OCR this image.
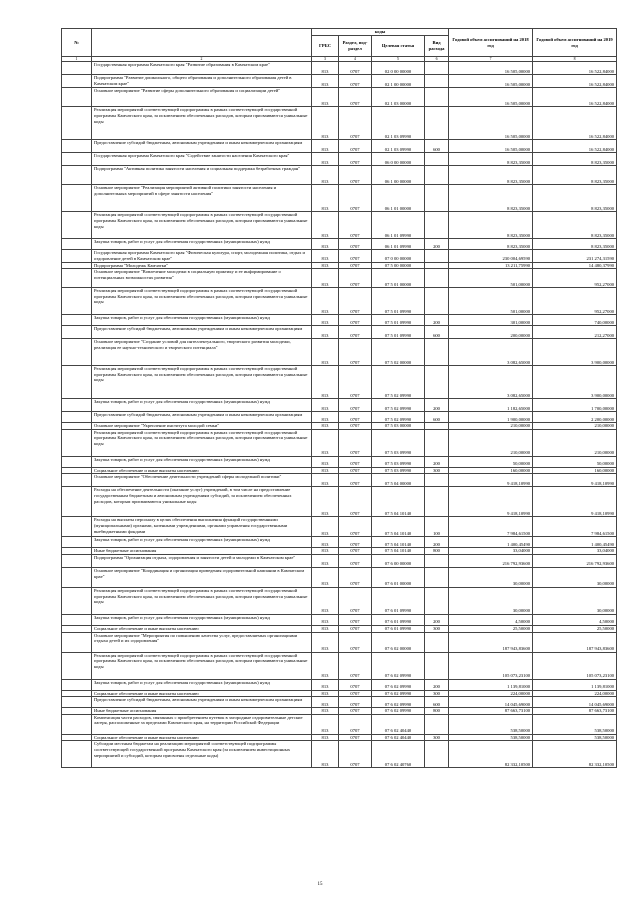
№		коды				Годовой объем ассигнований на 2018 год	Годовой объем ассигнований на 2019 год
		ГРБС	Раздел, под-раздел	Целевая статья	Вид расхода		
1	2	3	4	5	6	7	8
	Государственная программа Камчатского края "Развитие образования в Камчатском крае"	813	0707	02 0 00 00000		16 505,00000	16 522,84000
	Подпрограмма "Развитие дошкольного, общего образования и дополнительного образования детей в Камчатском крае"	813	0707	02 1 00 00000		16 505,00000	16 522,84000
	Основное мероприятие "Развитие сферы дополнительного образования и социализации детей"	813	0707	02 1 03 00000		16 505,00000	16 522,84000
	Реализация мероприятий соответствующей подпрограммы в рамках соответствующей государственной программы Камчатского края, за исключением обеспеченных расходов, которым присваиваются уникальные коды	813	0707	02 1 03 09990		16 505,00000	16 522,84000
	Предоставление субсидий бюджетным, автономным учреждениям и иным некоммерческим организациям	813	0707	02 1 03 09990	600	16 505,00000	16 522,84000
	Государственная программа Камчатского края "Содействие занятости населения Камчатского края"	813	0707	06 0 00 00000		8 823,35000	8 823,35000
	Подпрограмма "Активная политика занятости населения и социальная поддержка безработных граждан"	813	0707	06 1 00 00000		8 823,35000	8 823,35000
	Основное мероприятие "Реализация мероприятий активной политики занятости населения и дополнительных мероприятий в сфере занятости населения"	813	0707	06 1 01 00000		8 823,35000	8 823,35000
	Реализация мероприятий соответствующей подпрограммы в рамках соответствующей государственной программы Камчатского края, за исключением обеспеченных расходов, которым присваиваются уникальные коды	813	0707	06 1 01 09990		8 823,35000	8 823,35000
	Закупка товаров, работ и услуг для обеспечения государственных (муниципальных) нужд	813	0707	06 1 01 09990	200	8 823,35000	8 823,35000
	Государственная программа Камчатского края "Физическая культура, спорт, молодежная политика, отдых и оздоровление детей в Камчатском крае"	813	0707	07 0 00 00000		230 004,69590	231 274,31590
	Подпрограмма "Молодежь Камчатки"	813	0707	07 5 00 00000		13 211,75990	14 480,37990
	Основное мероприятие "Вовлечение молодежи в социальную практику и ее информирование о потенциальных возможностях развития"	813	0707	07 5 01 00000		501,00000	952,27000
	Реализация мероприятий соответствующей подпрограммы в рамках соответствующей государственной программы Камчатского края, за исключением обеспеченных расходов, которым присваиваются уникальные коды	813	0707	07 5 01 09990		501,00000	952,27000
	Закупка товаров, работ и услуг для обеспечения государственных (муниципальных) нужд	813	0707	07 5 01 09990	200	301,00000	740,00000
	Предоставление субсидий бюджетным, автономным учреждениям и иным некоммерческим организациям	813	0707	07 5 01 09990	600	200,00000	212,27000
	Основное мероприятие "Создание условий для интеллектуального, творческого развития молодежи, реализация ее научно-технического и творческого потенциала"	813	0707	07 5 02 00000		3 082,65000	3 900,00000
	Реализация мероприятий соответствующей подпрограммы в рамках соответствующей государственной программы Камчатского края, за исключением обеспеченных расходов, которым присваиваются уникальные коды	813	0707	07 5 02 09990		3 082,65000	3 900,00000
	Закупка товаров, работ и услуг для обеспечения государственных (муниципальных) нужд	813	0707	07 5 02 09990	200	1 182,65000	1 700,00000
	Предоставление субсидий бюджетным, автономным учреждениям и иным некоммерческим организациям	813	0707	07 5 02 09990	600	1 900,00000	2 200,00000
	Основное мероприятие "Укрепление института молодой семьи"	813	0707	07 5 03 00000		210,00000	210,00000
	Реализация мероприятий соответствующей подпрограммы в рамках соответствующей государственной программы Камчатского края, за исключением обеспеченных расходов, которым присваиваются уникальные коды	813	0707	07 5 03 09990		210,00000	210,00000
	Закупка товаров, работ и услуг для обеспечения государственных (муниципальных) нужд	813	0707	07 5 03 09990	200	50,00000	50,00000
	Социальное обеспечение и иные выплаты населению	813	0707	07 5 03 09990	300	160,00000	160,00000
	Основное мероприятие "Обеспечение деятельности учреждений сферы молодежной политики"	813	0707	07 5 04 00000		9 418,10990	9 418,10990
	Расходы на обеспечение деятельности (оказание услуг) учреждений, в том числе на предоставление государственным бюджетным и автономным учреждениям субсидий, за исключением обеспеченных расходов, которым присваиваются уникальные коды	813	0707	07 5 04 10140		9 418,10990	9 418,10990
	Расходы на выплаты персоналу в целях обеспечения выполнения функций государственными (муниципальными) органами, казенными учреждениями, органами управления государственными внебюджетными фондами	813	0707	07 5 04 10140	100	7 984,61500	7 984,61500
	Закупка товаров, работ и услуг для обеспечения государственных (муниципальных) нужд	813	0707	07 5 04 10140	200	1 400,45490	1 400,45490
	Иные бюджетные ассигнования	813	0707	07 5 04 10140	800	33,04000	33,04000
	Подпрограмма "Организация отдыха, оздоровления и занятости детей и молодежи в Камчатском крае"	813	0707	07 6 00 00000		216 792,93600	216 792,93600
	Основное мероприятие "Координация и организация проведения оздоровительной кампании в Камчатском крае"	813	0707	07 6 01 00000		30,00000	30,00000
	Реализация мероприятий соответствующей подпрограммы в рамках соответствующей государственной программы Камчатского края, за исключением обеспеченных расходов, которым присваиваются уникальные коды	813	0707	07 6 01 09990		30,00000	30,00000
	Закупка товаров, работ и услуг для обеспечения государственных (муниципальных) нужд	813	0707	07 6 01 09990	200	4,50000	4,50000
	Социальное обеспечение и иные выплаты населению	813	0707	07 6 01 09990	300	25,50000	25,50000
	Основное мероприятие "Мероприятия по повышению качества услуг, предоставляемых организациями отдыха детей и их оздоровления"	813	0707	07 6 02 00000		187 943,83600	187 943,83600
	Реализация мероприятий соответствующей подпрограммы в рамках соответствующей государственной программы Камчатского края, за исключением обеспеченных расходов, которым присваиваются уникальные коды	813	0707	07 6 02 09990		105 073,23100	105 073,23100
	Закупка товаров, работ и услуг для обеспечения государственных (муниципальных) нужд	813	0707	07 6 02 09990	200	1 139,81000	1 139,81000
	Социальное обеспечение и иные выплаты населению	813	0707	07 6 02 09990	300	224,00000	224,00000
	Предоставление субсидий бюджетным, автономным учреждениям и иным некоммерческим организациям	813	0707	07 6 02 09990	600	14 045,69000	14 045,69000
	Иные бюджетные ассигнования	813	0707	07 6 02 09990	800	87 663,73100	87 663,73100
	Компенсация части расходов, связанных с приобретением путевок в загородные оздоровительные детские лагеря, расположенные за пределами Камчатского края, на территории Российской Федерации	813	0707	07 6 02 40440		538,50000	538,50000
	Социальное обеспечение и иные выплаты населению	813	0707	07 6 02 40440	300	538,50000	538,50000
	Субсидии местным бюджетам на реализацию мероприятий соответствующей подпрограммы соответствующей государственной программы Камчатского края (за исключением инвестиционных мероприятий и субсидий, которым присвоены отдельные коды)	813	0707	07 6 02 40760		82 332,10500	82 332,10500
15
